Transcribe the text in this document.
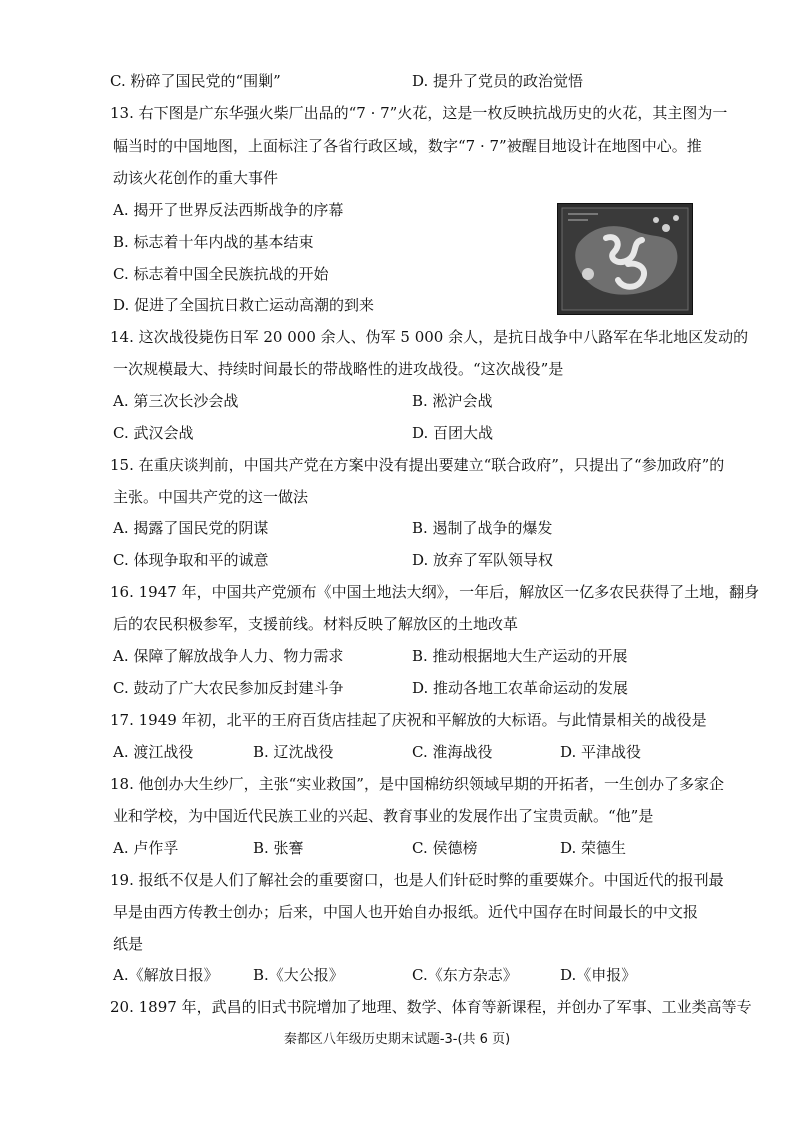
C. 粉碎了国民党的“围剿”	D. 提升了党员的政治觉悟
13. 右下图是广东华强火柴厂出品的“7 · 7”火花，这是一枚反映抗战历史的火花，其主图为一
幅当时的中国地图，上面标注了各省行政区域，数字“7 · 7”被醒目地设计在地图中心。推
动该火花创作的重大事件
A. 揭开了世界反法西斯战争的序幕
B. 标志着十年内战的基本结束
C. 标志着中国全民族抗战的开始
D. 促进了全国抗日救亡运动高潮的到来
14. 这次战役毙伤日军 20 000 余人、伪军 5 000 余人，是抗日战争中八路军在华北地区发动的
一次规模最大、持续时间最长的带战略性的进攻战役。“这次战役”是
A. 第三次长沙会战	B. 淞沪会战
C. 武汉会战	D. 百团大战
15. 在重庆谈判前，中国共产党在方案中没有提出要建立“联合政府”，只提出了“参加政府”的
主张。中国共产党的这一做法
A. 揭露了国民党的阴谋	B. 遏制了战争的爆发
C. 体现争取和平的诚意	D. 放弃了军队领导权
16. 1947 年，中国共产党颁布《中国土地法大纲》，一年后，解放区一亿多农民获得了土地，翻身
后的农民积极参军，支援前线。材料反映了解放区的土地改革
A. 保障了解放战争人力、物力需求	B. 推动根据地大生产运动的开展
C. 鼓动了广大农民参加反封建斗争	D. 推动各地工农革命运动的发展
17. 1949 年初，北平的王府百货店挂起了庆祝和平解放的大标语。与此情景相关的战役是
A. 渡江战役	B. 辽沈战役	C. 淮海战役	D. 平津战役
18. 他创办大生纱厂，主张“实业救国”，是中国棉纺织领域早期的开拓者，一生创办了多家企
业和学校，为中国近代民族工业的兴起、教育事业的发展作出了宝贵贡献。“他”是
A. 卢作孚	B. 张謇	C. 侯德榜	D. 荣德生
19. 报纸不仅是人们了解社会的重要窗口，也是人们针砭时弊的重要媒介。中国近代的报刊最
早是由西方传教士创办；后来，中国人也开始自办报纸。近代中国存在时间最长的中文报
纸是
A.《解放日报》 B.《大公报》	C.《东方杂志》	D.《申报》
20. 1897 年，武昌的旧式书院增加了地理、数学、体育等新课程，并创办了军事、工业类高等专
秦都区八年级历史期末试题-3-(共 6 页)
